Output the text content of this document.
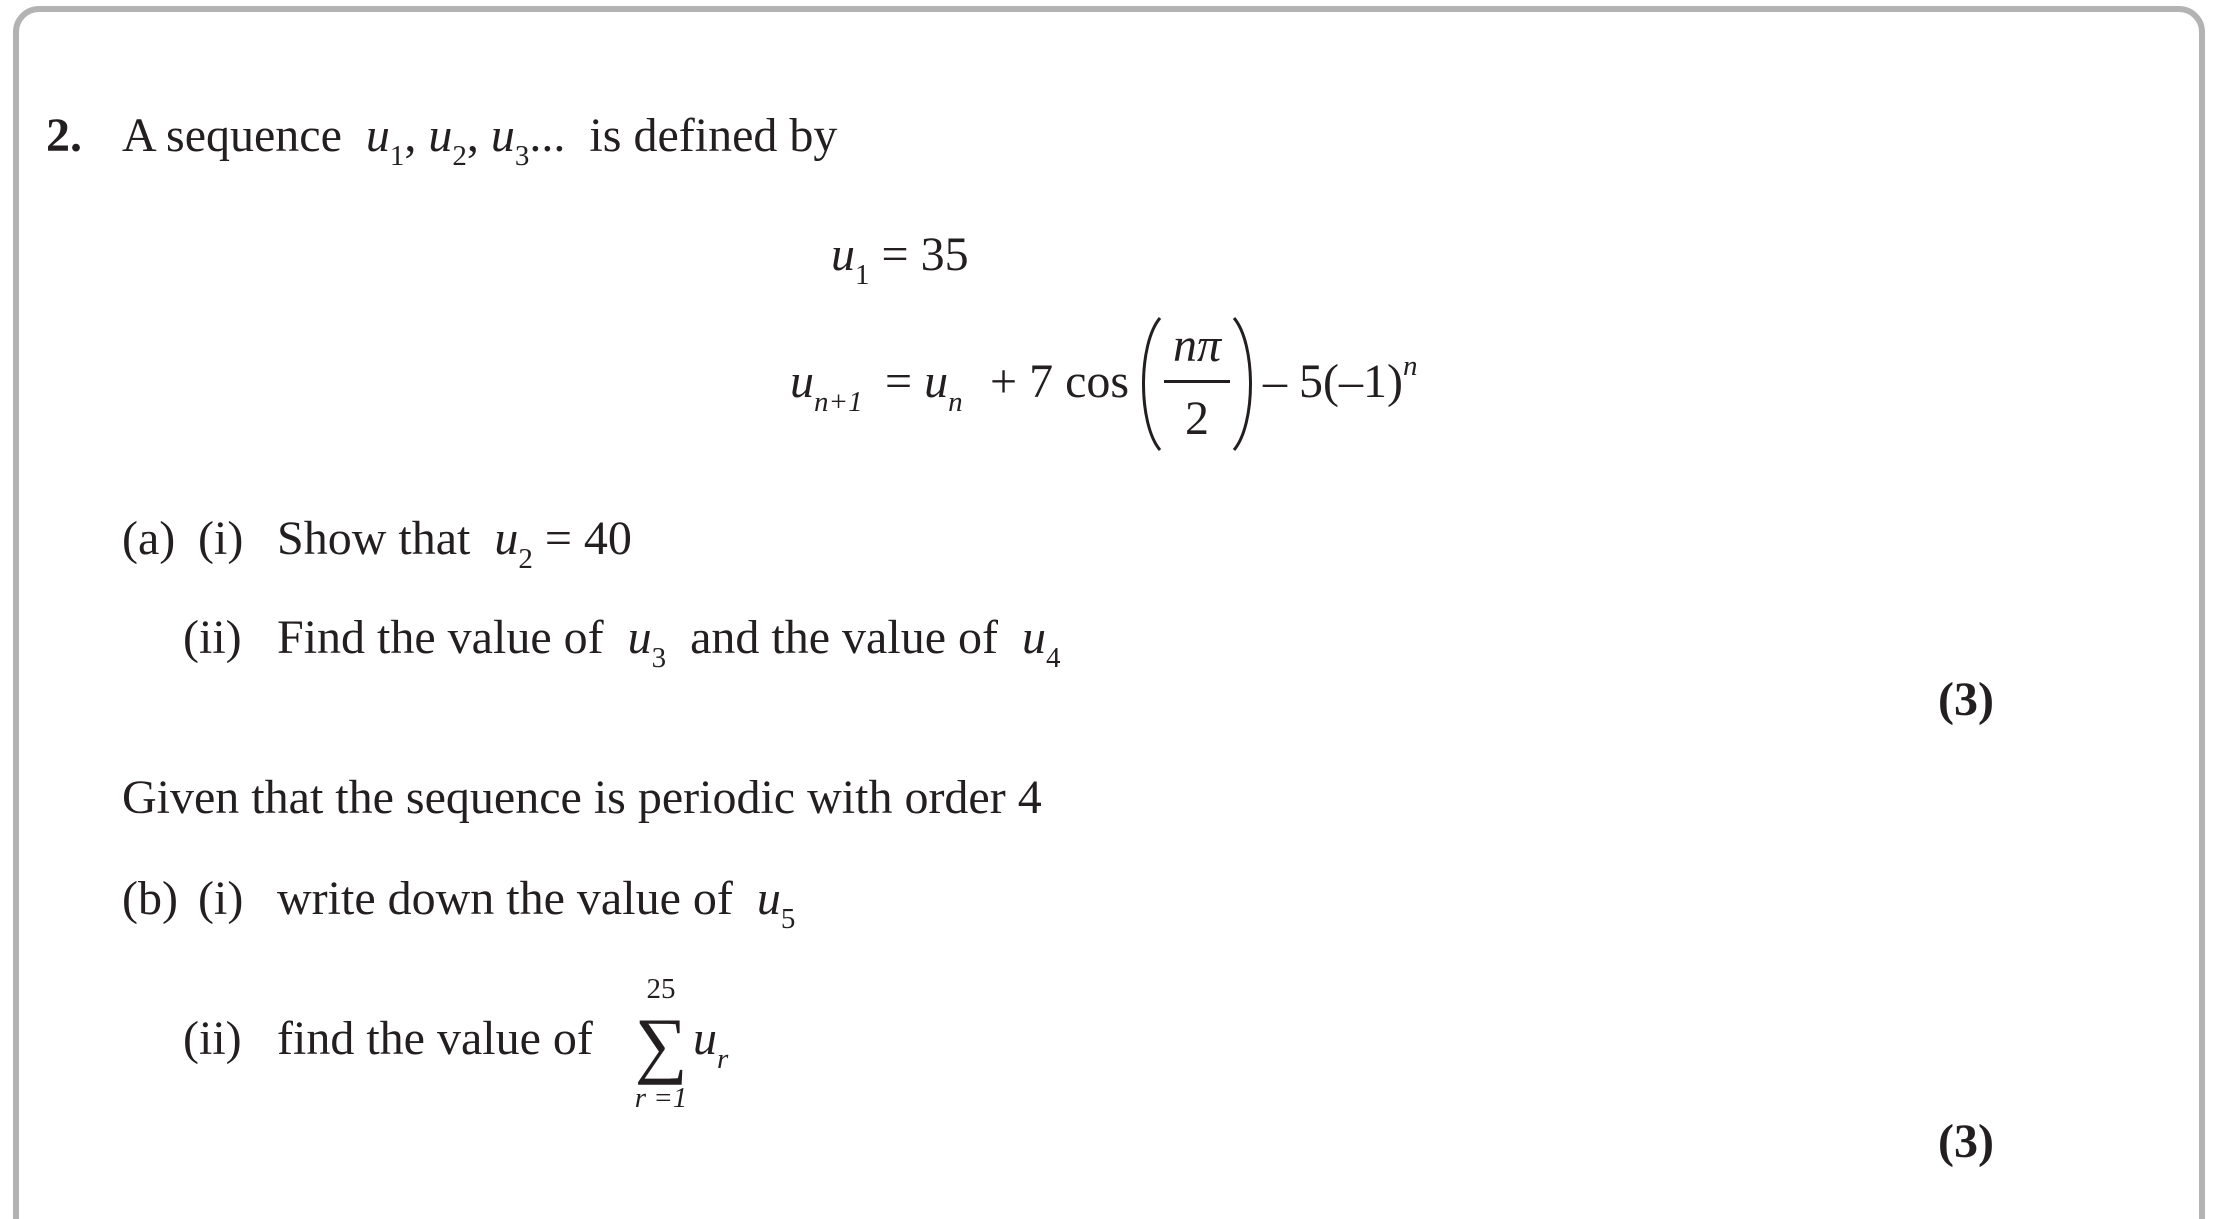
2. A sequence $u_1$, $u_2$, $u_3$... is defined by
$u_1 = 35$
$u_{n+1} = u_n + 7$ cos
nπ
2
– $5(-1)^n$
(a) (i) Show that $u_2 = 40$
(ii) Find the value of $u_3$ and the value of $u_4$
(3)
Given that the sequence is periodic with order 4
(b) (i) write down the value of $u_5$
(ii) find the value of
25
∑
r =1
$u_r$
(3)
